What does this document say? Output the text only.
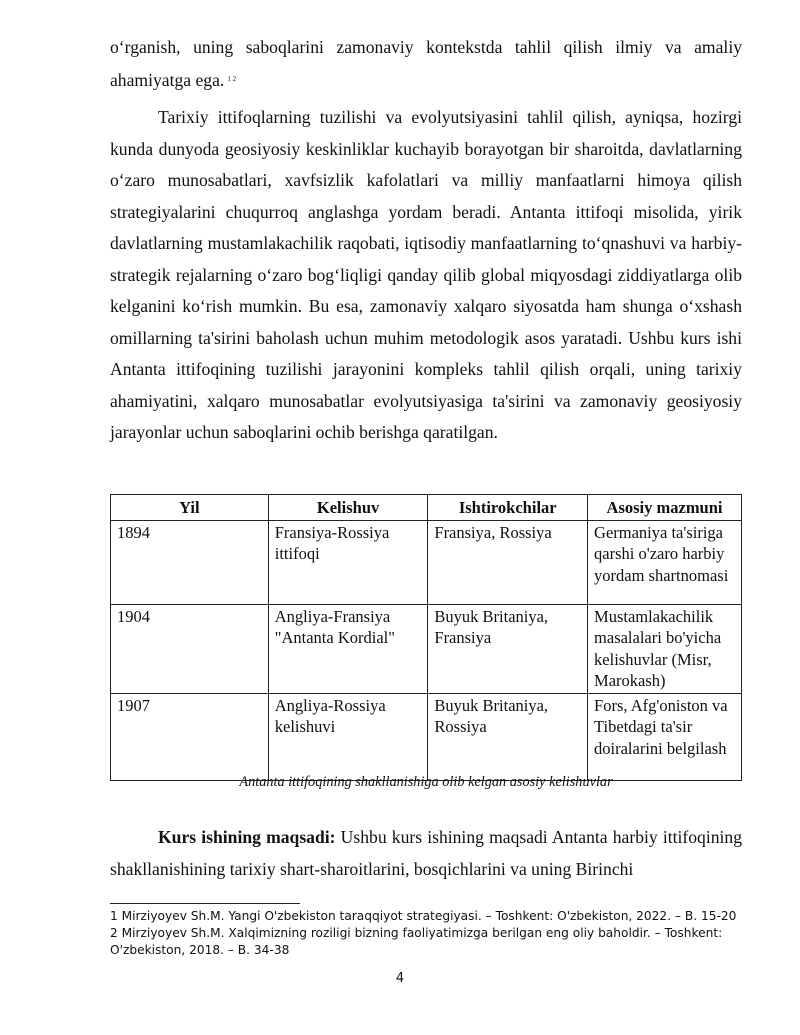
o‘rganish, uning saboqlarini zamonaviy kontekstda tahlil qilish ilmiy va amaliy ahamiyatga ega. $^{1 2}$

Tarixiy ittifoqlarning tuzilishi va evolyutsiyasini tahlil qilish, ayniqsa, hozirgi kunda dunyoda geosiyosiy keskinliklar kuchayib borayotgan bir sharoitda, davlatlarning o‘zaro munosabatlari, xavfsizlik kafolatlari va milliy manfaatlarni himoya qilish strategiyalarini chuqurroq anglashga yordam beradi. Antanta ittifoqi misolida, yirik davlatlarning mustamlakachilik raqobati, iqtisodiy manfaatlarning to‘qnashuvi va harbiy-strategik rejalarning o‘zaro bog‘liqligi qanday qilib global miqyosdagi ziddiyatlarga olib kelganini ko‘rish mumkin. Bu esa, zamonaviy xalqaro siyosatda ham shunga o‘xshash omillarning ta'sirini baholash uchun muhim metodologik asos yaratadi. Ushbu kurs ishi Antanta ittifoqining tuzilishi jarayonini kompleks tahlil qilish orqali, uning tarixiy ahamiyatini, xalqaro munosabatlar evolyutsiyasiga ta'sirini va zamonaviy geosiyosiy jarayonlar uchun saboqlarini ochib berishga qaratilgan.

Yil	Kelishuv	Ishtirokchilar	Asosiy mazmuni
1894	Fransiya-Rossiya ittifoqi	Fransiya, Rossiya	Germaniya ta'siriga qarshi o'zaro harbiy yordam shartnomasi
1904	Angliya-Fransiya "Antanta Kordial"	Buyuk Britaniya, Fransiya	Mustamlakachilik masalalari bo'yicha kelishuvlar (Misr, Marokash)
1907	Angliya-Rossiya kelishuvi	Buyuk Britaniya, Rossiya	Fors, Afg'oniston va Tibetdagi ta'sir doiralarini belgilash
Antanta ittifoqining shakllanishiga olib kelgan asosiy kelishuvlar

Kurs ishining maqsadi: Ushbu kurs ishining maqsadi Antanta harbiy ittifoqining shakllanishining tarixiy shart-sharoitlarini, bosqichlarini va uning Birinchi

1 Mirziyoyev Sh.M. Yangi O'zbekiston taraqqiyot strategiyasi. – Toshkent: O'zbekiston, 2022. – B. 15-20
2 Mirziyoyev Sh.M. Xalqimizning roziligi bizning faoliyatimizga berilgan eng oliy baholdir. – Toshkent: O'zbekiston, 2018. – B. 34-38
4
